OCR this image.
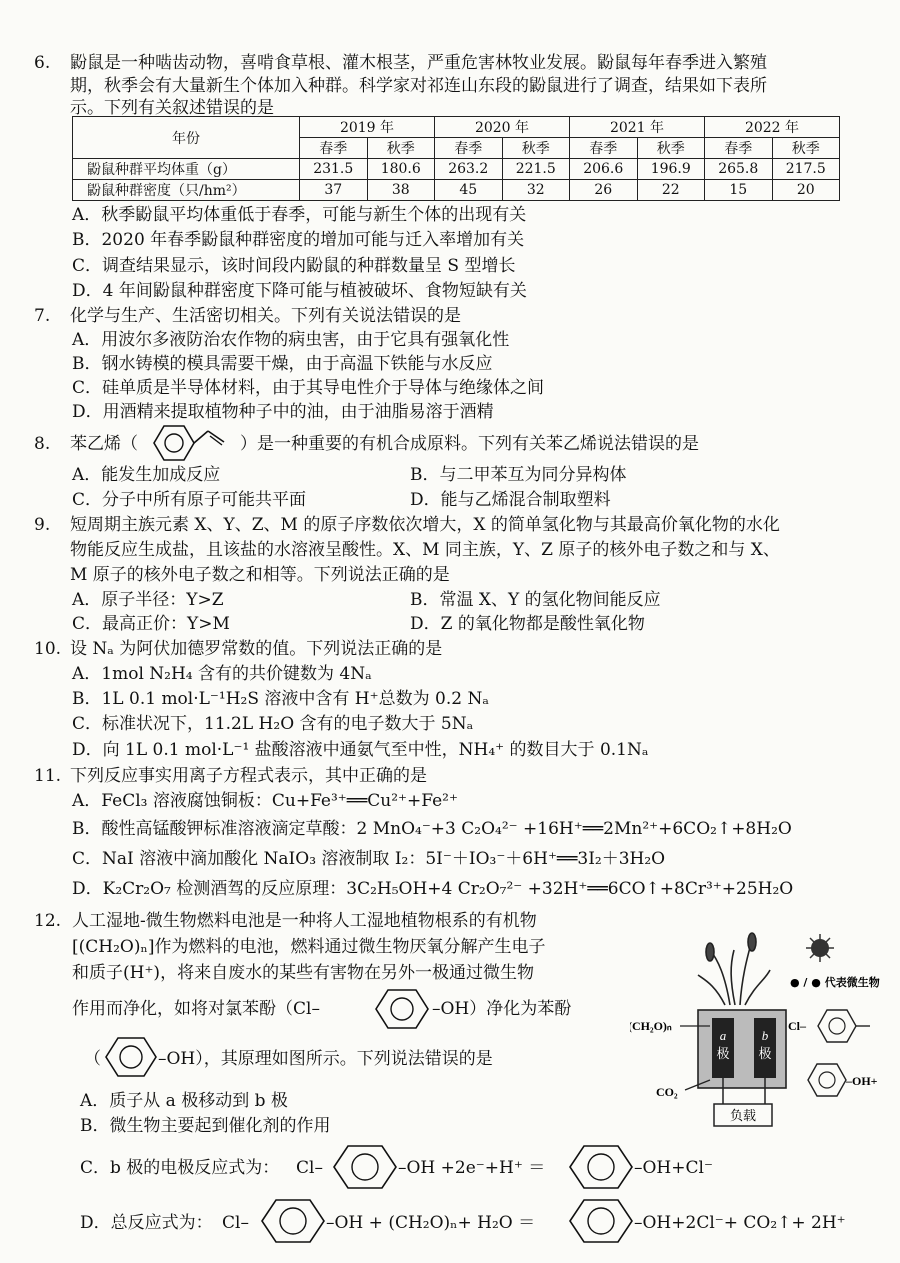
6. 鼢鼠是一种啮齿动物，喜啃食草根、灌木根茎，严重危害林牧业发展。鼢鼠每年春季进入繁殖
期，秋季会有大量新生个体加入种群。科学家对祁连山东段的鼢鼠进行了调查，结果如下表所
示。下列有关叙述错误的是
年份	2019 年		2020 年		2021 年		2022 年	
	春季	秋季	春季	秋季	春季	秋季	春季	秋季
鼢鼠种群平均体重（g）	231.5	180.6	263.2	221.5	206.6	196.9	265.8	217.5
鼢鼠种群密度（只/hm²）	37	38	45	32	26	22	15	20
A．秋季鼢鼠平均体重低于春季，可能与新生个体的出现有关
B．2020 年春季鼢鼠种群密度的增加可能与迁入率增加有关
C．调查结果显示，该时间段内鼢鼠的种群数量呈 S 型增长
D．4 年间鼢鼠种群密度下降可能与植被破坏、食物短缺有关
7. 化学与生产、生活密切相关。下列有关说法错误的是
A．用波尔多液防治农作物的病虫害，由于它具有强氧化性
B．钢水铸模的模具需要干燥，由于高温下铁能与水反应
C．硅单质是半导体材料，由于其导电性介于导体与绝缘体之间
D．用酒精来提取植物种子中的油，由于油脂易溶于酒精
8. 苯乙烯（	）是一种重要的有机合成原料。下列有关苯乙烯说法错误的是
A．能发生加成反应	B．与二甲苯互为同分异构体
C．分子中所有原子可能共平面	D．能与乙烯混合制取塑料
9. 短周期主族元素 X、Y、Z、M 的原子序数依次增大，X 的简单氢化物与其最高价氧化物的水化
物能反应生成盐，且该盐的水溶液呈酸性。X、M 同主族，Y、Z 原子的核外电子数之和与 X、
M 原子的核外电子数之和相等。下列说法正确的是
A．原子半径：Y>Z	B．常温 X、Y 的氢化物间能反应
C．最高正价：Y>M	D．Z 的氧化物都是酸性氧化物
10. 设 Nₐ 为阿伏加德罗常数的值。下列说法正确的是
A．1mol N₂H₄ 含有的共价键数为 4Nₐ
B．1L 0.1 mol·L⁻¹H₂S 溶液中含有 H⁺总数为 0.2 Nₐ
C．标准状况下，11.2L H₂O 含有的电子数大于 5Nₐ
D．向 1L 0.1 mol·L⁻¹ 盐酸溶液中通氨气至中性，NH₄⁺ 的数目大于 0.1Nₐ
11. 下列反应事实用离子方程式表示，其中正确的是
A．FeCl₃ 溶液腐蚀铜板：Cu+Fe³⁺══Cu²⁺+Fe²⁺
B．酸性高锰酸钾标准溶液滴定草酸：2 MnO₄⁻+3 C₂O₄²⁻ +16H⁺══2Mn²⁺+6CO₂↑+8H₂O
C．NaI 溶液中滴加酸化 NaIO₃ 溶液制取 I₂：5I⁻＋IO₃⁻＋6H⁺══3I₂＋3H₂O
D．K₂Cr₂O₇ 检测酒驾的反应原理：3C₂H₅OH+4 Cr₂O₇²⁻ +32H⁺══6CO↑+8Cr³⁺+25H₂O
12. 人工湿地-微生物燃料电池是一种将人工湿地植物根系的有机物
[(CH₂O)ₙ]作为燃料的电池，燃料通过微生物厌氧分解产生电子
和质子(H⁺)，将来自废水的某些有害物在另外一极通过微生物
作用而净化，如将对氯苯酚（Cl–	–OH）净化为苯酚
（	–OH），其原理如图所示。下列说法错误的是
A．质子从 a 极移动到 b 极
B．微生物主要起到催化剂的作用
C．b 极的电极反应式为： Cl–	–OH +2e⁻+H⁺ ＝	–OH+Cl⁻
D．总反应式为： Cl–	–OH + (CH₂O)ₙ+ H₂O ＝	–OH+2Cl⁻+ CO₂↑+ 2H⁺
a
极
b
极
负载
(CH₂O)ₙ
CO₂
● / ● 代表微生物
Cl–
–OH+
